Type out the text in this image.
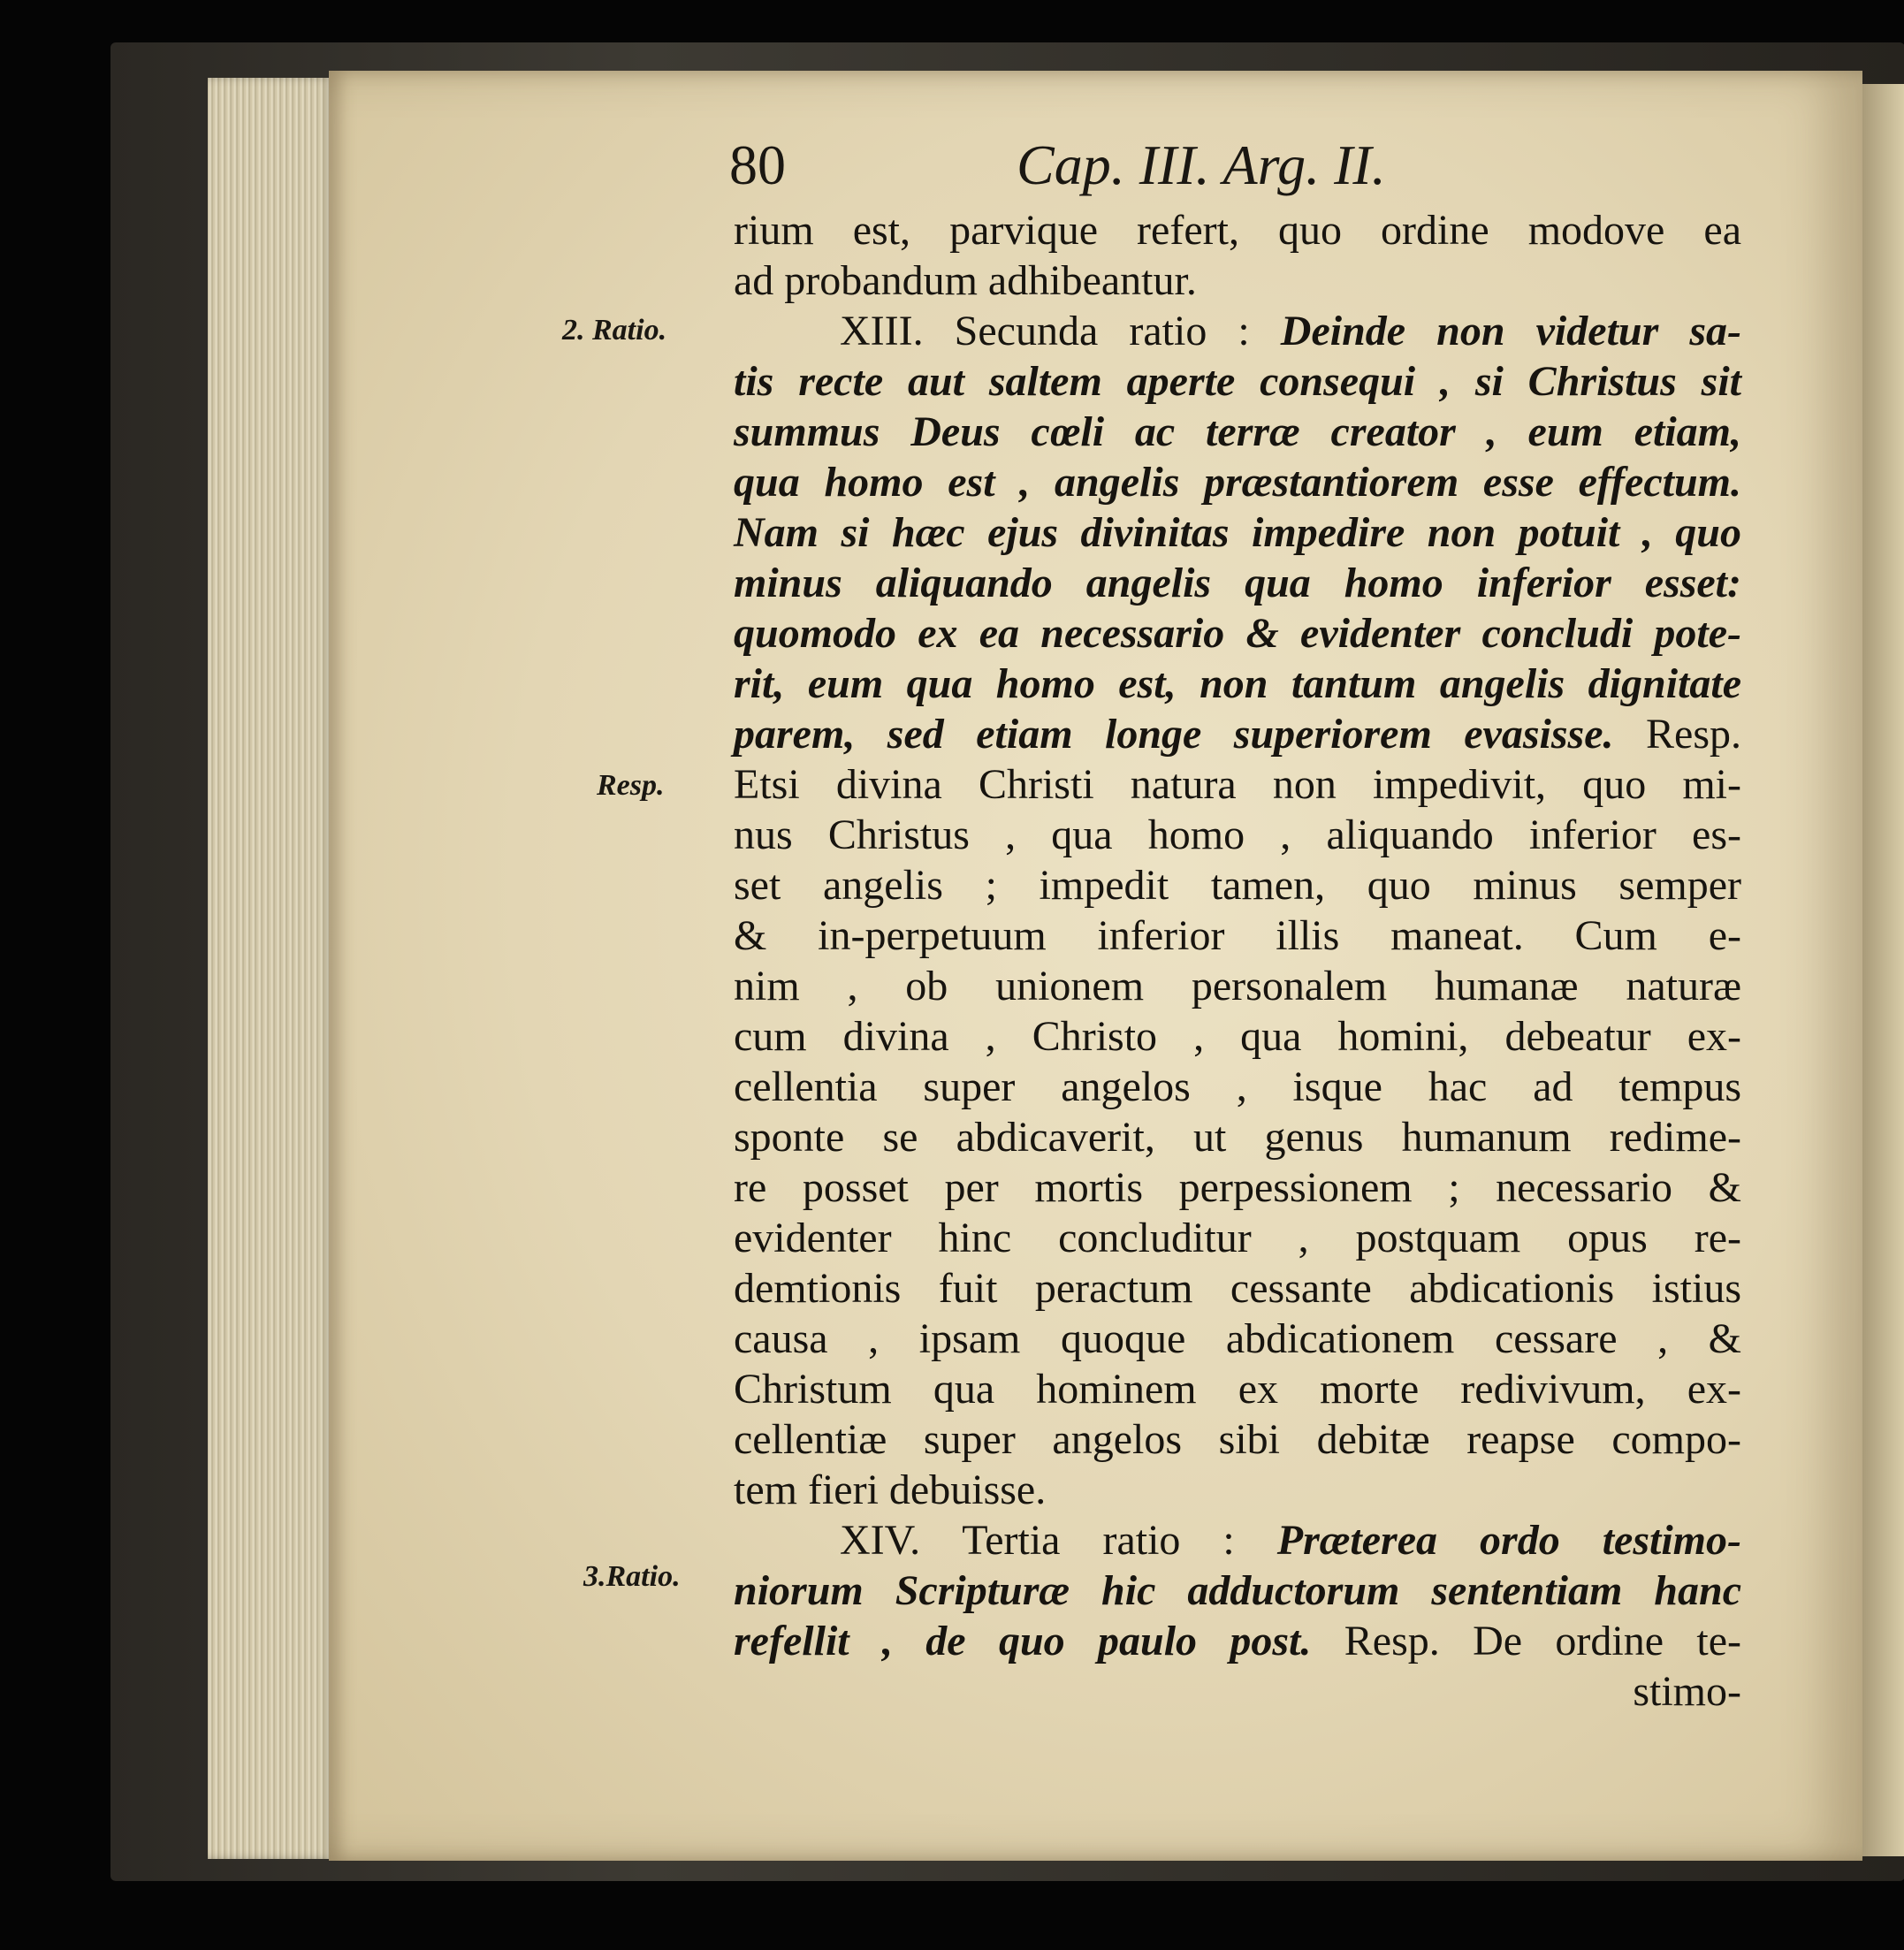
80	Cap. III. Arg. II.
2. Ratio.
Resp.
3.Ratio.
rium est, parvique refert, quo ordine modove ea
ad probandum adhibeantur.
XIII. Secunda ratio : Deinde non videtur sa-
tis recte aut saltem aperte consequi , si Christus sit
summus Deus cœli ac terræ creator , eum etiam,
qua homo est , angelis præstantiorem esse effectum.
Nam si hæc ejus divinitas impedire non potuit , quo
minus aliquando angelis qua homo inferior esset:
quomodo ex ea necessario & evidenter concludi pote-
rit, eum qua homo est, non tantum angelis dignitate
parem, sed etiam longe superiorem evasisse. Resp.
Etsi divina Christi natura non impedivit, quo mi-
nus Christus , qua homo , aliquando inferior es-
set angelis ; impedit tamen, quo minus semper
& in-perpetuum inferior illis maneat. Cum e-
nim , ob unionem personalem humanæ naturæ
cum divina , Christo , qua homini, debeatur ex-
cellentia super angelos , isque hac ad tempus
sponte se abdicaverit, ut genus humanum redime-
re posset per mortis perpessionem ; necessario &
evidenter hinc concluditur , postquam opus re-
demtionis fuit peractum cessante abdicationis istius
causa , ipsam quoque abdicationem cessare , &
Christum qua hominem ex morte redivivum, ex-
cellentiæ super angelos sibi debitæ reapse compo-
tem fieri debuisse.
XIV. Tertia ratio : Præterea ordo testimo-
niorum Scripturæ hic adductorum sententiam hanc
refellit , de quo paulo post. Resp. De ordine te-
stimo-
